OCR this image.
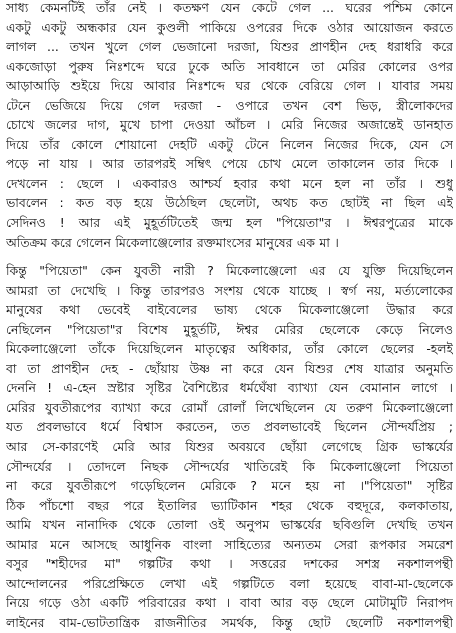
সাধ্য কেমনটিই তাঁর নেই । কতক্ষণ যেন কেটে গেল ... ঘরের পশ্চিম কোনে
একটু একটু অন্ধকার যেন কুণ্ডলী পাকিয়ে ওপরের দিকে ওঠার আয়োজন করতে
লাগল ... তখন খুলে গেল ভেজানো দরজা, যিশুর প্রাণহীন দেহ ধরাধরি করে
একজোড়া পুরুষ নিঃশব্দে ঘরে ঢুকে অতি সাবধানে তা মেরির কোলের ওপর
আড়াআড়ি শুইয়ে দিয়ে আবার নিঃশব্দে ঘর থেকে বেরিয়ে গেল । যাবার সময়
টেনে ভেজিয়ে দিয়ে গেল দরজা - ওপারে তখন বেশ ভিড়, স্ত্রীলোকদের
চোখে জলের দাগ, মুখে চাপা দেওয়া আঁচল । মেরি নিজের অজান্তেই ডানহাত
দিয়ে তাঁর কোলে শোয়ানো দেহটি একটু টেনে নিলেন নিজের দিকে, যেন সে
পড়ে না যায় । আর তারপরই সম্বিৎ পেয়ে চোখ মেলে তাকালেন তার দিকে ।
দেখলেন : ছেলে । একবারও আশ্চর্য হবার কথা মনে হল না তাঁর । শুধু
ভাবলেন : কত বড় হয়ে উঠেছিল ছেলেটা, অথচ কত ছোটই না ছিল এই
সেদিনও ! আর এই মুহূর্তটিতেই জন্ম হল "পিয়েতা"র । ঈশ্বরপুত্রের মাকে
অতিক্রম করে গেলেন মিকেলাঞ্জেলোর রক্তমাংসের মানুষের এক মা ।

কিন্তু "পিয়েতা" কেন যুবতী নারী ? মিকেলাঞ্জেলো এর যে যুক্তি দিয়েছিলেন
আমরা তা দেখেছি । কিন্তু তারপরও সংশয় থেকে যাচ্ছে । স্বর্গ নয়, মর্ত্যলোকের
মানুষের কথা ভেবেই বাইবেলের ভাষ্য থেকে মিকেলাঞ্জেলো উদ্ধার করে
নেছিলেন "পিয়েতা"র বিশেষ মুহূর্তটি, ঈশ্বর মেরির ছেলেকে কেড়ে নিলেও
মিকেলাঞ্জেলো তাঁকে দিয়েছিলেন মাতৃত্বের অধিকার, তাঁর কোলে ছেলের -হলই
বা তা প্রাণহীন দেহ - ছোঁয়ায় উষ্ণ না করে যেন যিশুর শেষ যাত্রার অনুমতি
দেননি ! এ-হেন স্রষ্টার সৃষ্টির বৈশিষ্ট্যের ধর্মঘেঁষা ব্যাখ্যা যেন বেমানান লাগে ।
মেরির যুবতীরূপের ব্যাখ্যা করে রোমাঁ রোলাঁ লিখেছিলেন যে তরুণ মিকেলাঞ্জেলো
যত প্রবলভাবে ধর্মে বিশ্বাস করতেন, তত প্রবলভাবেই ছিলেন সৌন্দর্যপ্রিয় ;
আর সে-কারণেই মেরি আর যিশুর অবয়বে ছোঁয়া লেগেছে গ্রিক ভাস্কর্যের
সৌন্দর্যের । তোদলে নিছক সৌন্দর্যের খাতিরেই কি মিকেলাঞ্জেলো পিয়েতা
না করে যুবতীরূপে গড়েছিলেন মেরিকে ? মনে হয় না ।"পিয়েতা" সৃষ্টির
ঠিক পাঁচশো বছর পরে ইতালির ভ্যাটিকান শহর থেকে বহুদূরে, কলকাতায়,
আমি যখন নানাদিক থেকে তোলা ওই অনুপম ভাস্কর্যের ছবিগুলি দেখছি তখন
আমার মনে আসছে আধুনিক বাংলা সাহিত্যের অন্যতম সেরা রূপকার সমরেশ
বসুর "শহীদের মা" গল্পটির কথা । সত্তরের দশকের সশস্ত্র নকশালপন্থী
আন্দোলনের পরিপ্রেক্ষিতে লেখা এই গল্পটিতে বলা হয়েছে বাবা-মা-ছেলেকে
নিয়ে গড়ে ওঠা একটি পরিবারের কথা । বাবা আর বড় ছেলে মোটামুটি নিরাপদ
লাইনের বাম-ভোটতান্ত্রিক রাজনীতির সমর্থক, কিন্তু ছোট ছেলেটি নকশালপন্থী
